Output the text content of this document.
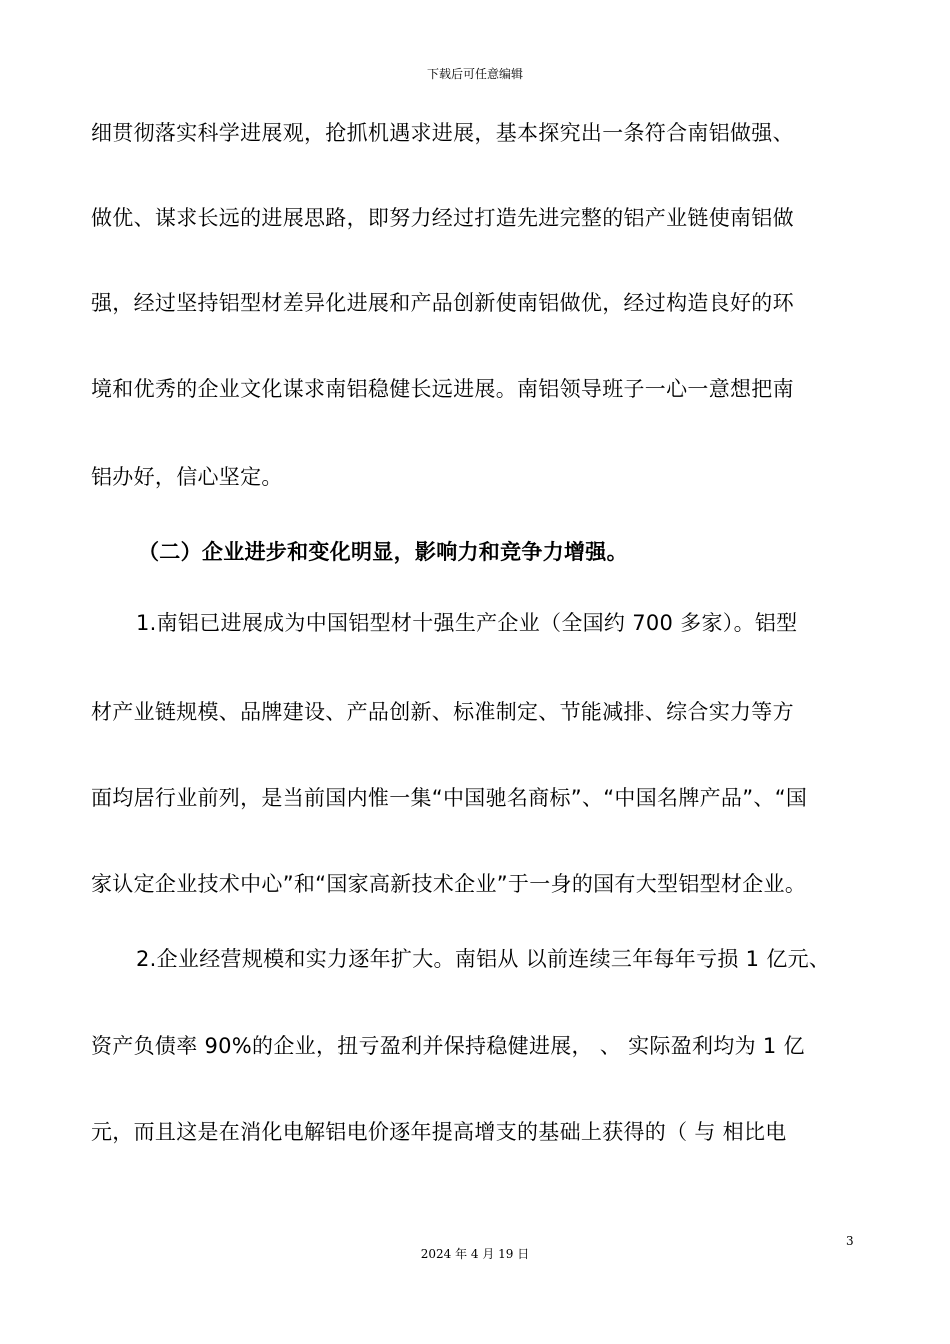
下载后可任意编辑
细贯彻落实科学进展观，抢抓机遇求进展，基本探究出一条符合南铝做强、
做优、谋求长远的进展思路，即努力经过打造先进完整的铝产业链使南铝做
强，经过坚持铝型材差异化进展和产品创新使南铝做优，经过构造良好的环
境和优秀的企业文化谋求南铝稳健长远进展。南铝领导班子一心一意想把南
铝办好，信心坚定。
（二）企业进步和变化明显，影响力和竞争力增强。
1.南铝已进展成为中国铝型材十强生产企业（全国约 700 多家）。铝型
材产业链规模、品牌建设、产品创新、标准制定、节能减排、综合实力等方
面均居行业前列，是当前国内惟一集“中国驰名商标”、“中国名牌产品”、“国
家认定企业技术中心”和“国家高新技术企业”于一身的国有大型铝型材企业。
2.企业经营规模和实力逐年扩大。南铝从 以前连续三年每年亏损 1 亿元、
资产负债率 90%的企业，扭亏盈利并保持稳健进展， 、 实际盈利均为 1 亿
元，而且这是在消化电解铝电价逐年提高增支的基础上获得的（ 与 相比电
3
2024 年 4 月 19 日
